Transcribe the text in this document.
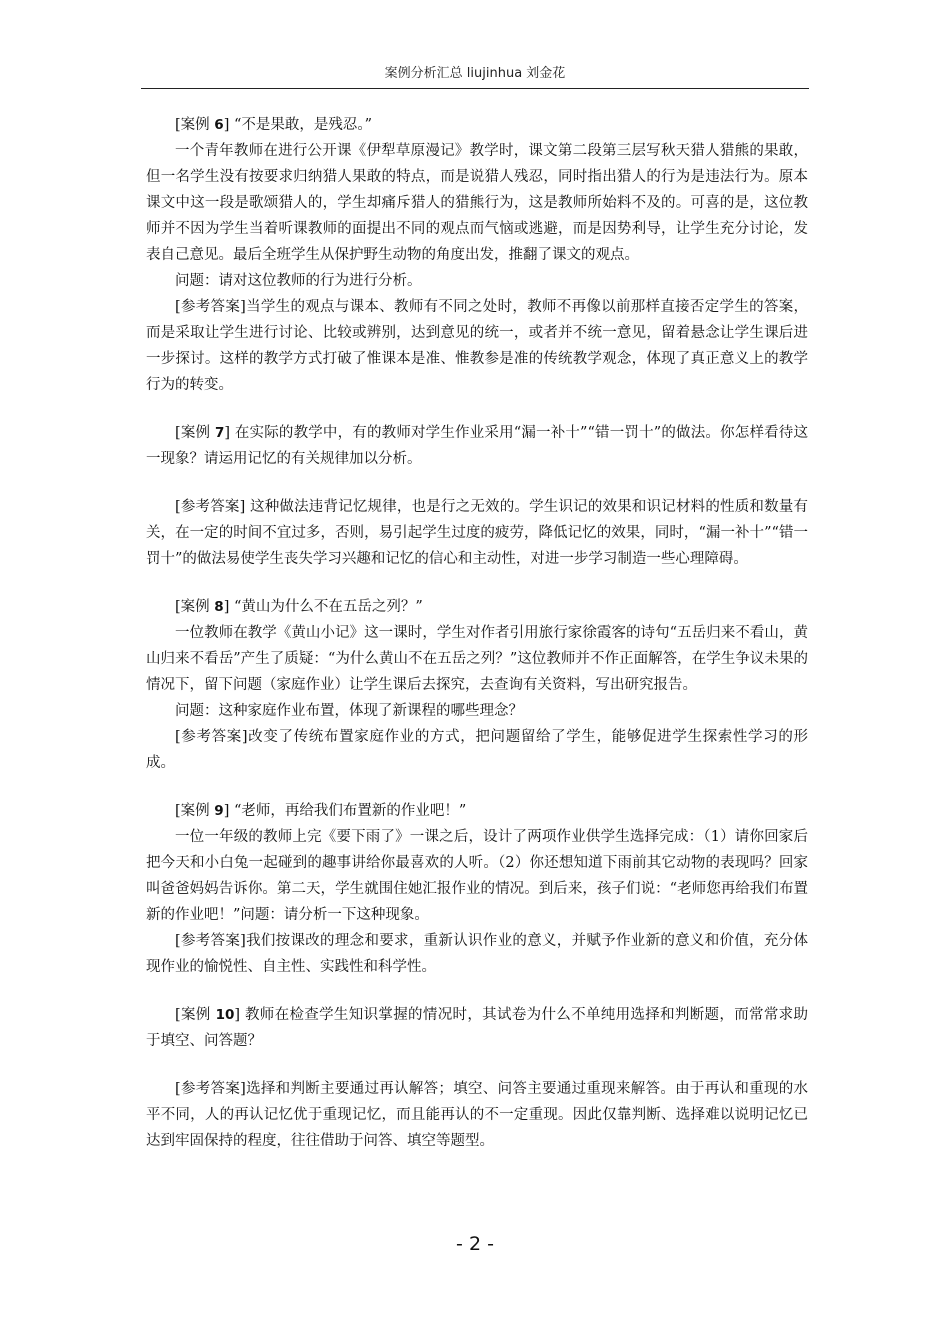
案例分析汇总 liujinhua 刘金花

[案例 6] “不是果敢，是残忍。”

一个青年教师在进行公开课《伊犁草原漫记》教学时，课文第二段第三层写秋天猎人猎熊的果敢，但一名学生没有按要求归纳猎人果敢的特点，而是说猎人残忍，同时指出猎人的行为是违法行为。原本课文中这一段是歌颂猎人的，学生却痛斥猎人的猎熊行为，这是教师所始料不及的。可喜的是，这位教师并不因为学生当着听课教师的面提出不同的观点而气恼或逃避，而是因势利导，让学生充分讨论，发表自己意见。最后全班学生从保护野生动物的角度出发，推翻了课文的观点。

问题：请对这位教师的行为进行分析。

[参考答案]当学生的观点与课本、教师有不同之处时，教师不再像以前那样直接否定学生的答案，而是采取让学生进行讨论、比较或辨别，达到意见的统一，或者并不统一意见，留着悬念让学生课后进一步探讨。这样的教学方式打破了惟课本是准、惟教参是准的传统教学观念，体现了真正意义上的教学行为的转变。

[案例 7] 在实际的教学中，有的教师对学生作业采用“漏一补十”“错一罚十”的做法。你怎样看待这一现象？请运用记忆的有关规律加以分析。

[参考答案] 这种做法违背记忆规律，也是行之无效的。学生识记的效果和识记材料的性质和数量有关，在一定的时间不宜过多，否则，易引起学生过度的疲劳，降低记忆的效果，同时，“漏一补十”“错一罚十”的做法易使学生丧失学习兴趣和记忆的信心和主动性，对进一步学习制造一些心理障碍。

[案例 8] “黄山为什么不在五岳之列？”

一位教师在教学《黄山小记》这一课时，学生对作者引用旅行家徐霞客的诗句“五岳归来不看山，黄山归来不看岳”产生了质疑：“为什么黄山不在五岳之列？”这位教师并不作正面解答，在学生争议未果的情况下，留下问题（家庭作业）让学生课后去探究，去查询有关资料，写出研究报告。

问题：这种家庭作业布置，体现了新课程的哪些理念？

[参考答案]改变了传统布置家庭作业的方式，把问题留给了学生，能够促进学生探索性学习的形成。

[案例 9] “老师，再给我们布置新的作业吧！”

一位一年级的教师上完《要下雨了》一课之后，设计了两项作业供学生选择完成：（1）请你回家后把今天和小白兔一起碰到的趣事讲给你最喜欢的人听。（2）你还想知道下雨前其它动物的表现吗？回家叫爸爸妈妈告诉你。第二天，学生就围住她汇报作业的情况。到后来，孩子们说：“老师您再给我们布置新的作业吧！”问题：请分析一下这种现象。

[参考答案]我们按课改的理念和要求，重新认识作业的意义，并赋予作业新的意义和价值，充分体现作业的愉悦性、自主性、实践性和科学性。

[案例 10] 教师在检查学生知识掌握的情况时，其试卷为什么不单纯用选择和判断题，而常常求助于填空、问答题？

[参考答案]选择和判断主要通过再认解答；填空、问答主要通过重现来解答。由于再认和重现的水平不同，人的再认记忆优于重现记忆，而且能再认的不一定重现。因此仅靠判断、选择难以说明记忆已达到牢固保持的程度，往往借助于问答、填空等题型。

- 2 -
